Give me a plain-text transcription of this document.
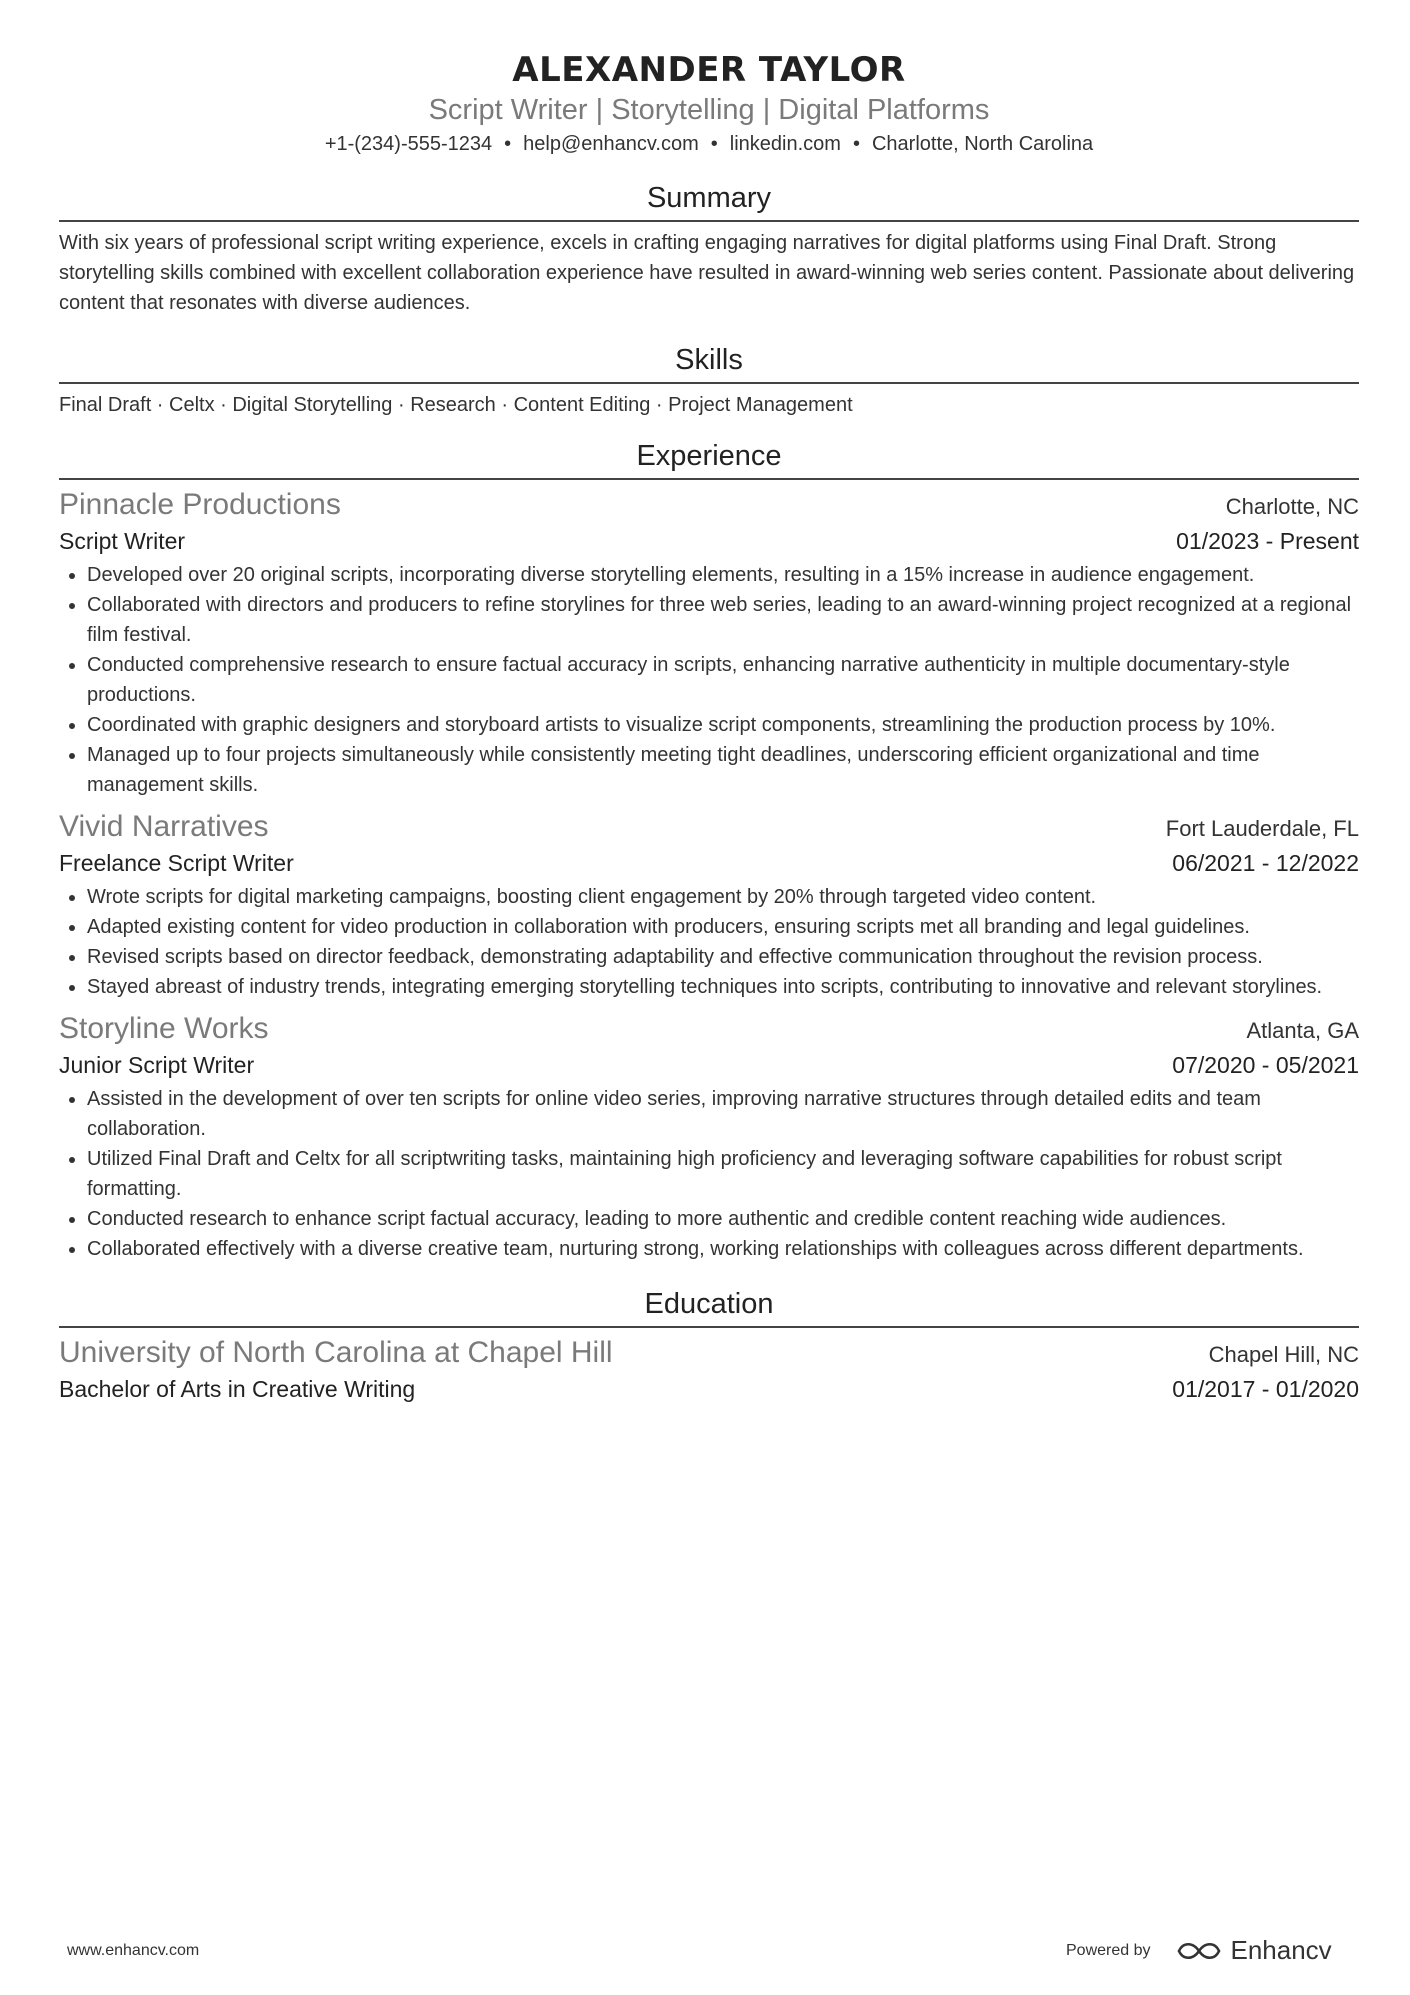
ALEXANDER TAYLOR
Script Writer | Storytelling | Digital Platforms
+1-(234)-555-1234 • help@enhancv.com • linkedin.com • Charlotte, North Carolina
Summary
With six years of professional script writing experience, excels in crafting engaging narratives for digital platforms using Final Draft. Strong storytelling skills combined with excellent collaboration experience have resulted in award-winning web series content. Passionate about delivering content that resonates with diverse audiences.
Skills
Final Draft · Celtx · Digital Storytelling · Research · Content Editing · Project Management
Experience
Pinnacle Productions	Charlotte, NC
Script Writer	01/2023 - Present
• Developed over 20 original scripts, incorporating diverse storytelling elements, resulting in a 15% increase in audience engagement.
• Collaborated with directors and producers to refine storylines for three web series, leading to an award-winning project recognized at a regional film festival.
• Conducted comprehensive research to ensure factual accuracy in scripts, enhancing narrative authenticity in multiple documentary-style productions.
• Coordinated with graphic designers and storyboard artists to visualize script components, streamlining the production process by 10%.
• Managed up to four projects simultaneously while consistently meeting tight deadlines, underscoring efficient organizational and time management skills.
Vivid Narratives	Fort Lauderdale, FL
Freelance Script Writer	06/2021 - 12/2022
• Wrote scripts for digital marketing campaigns, boosting client engagement by 20% through targeted video content.
• Adapted existing content for video production in collaboration with producers, ensuring scripts met all branding and legal guidelines.
• Revised scripts based on director feedback, demonstrating adaptability and effective communication throughout the revision process.
• Stayed abreast of industry trends, integrating emerging storytelling techniques into scripts, contributing to innovative and relevant storylines.
Storyline Works	Atlanta, GA
Junior Script Writer	07/2020 - 05/2021
• Assisted in the development of over ten scripts for online video series, improving narrative structures through detailed edits and team collaboration.
• Utilized Final Draft and Celtx for all scriptwriting tasks, maintaining high proficiency and leveraging software capabilities for robust script formatting.
• Conducted research to enhance script factual accuracy, leading to more authentic and credible content reaching wide audiences.
• Collaborated effectively with a diverse creative team, nurturing strong, working relationships with colleagues across different departments.
Education
University of North Carolina at Chapel Hill	Chapel Hill, NC
Bachelor of Arts in Creative Writing	01/2017 - 01/2020
www.enhancv.com	Powered by	Enhancv
